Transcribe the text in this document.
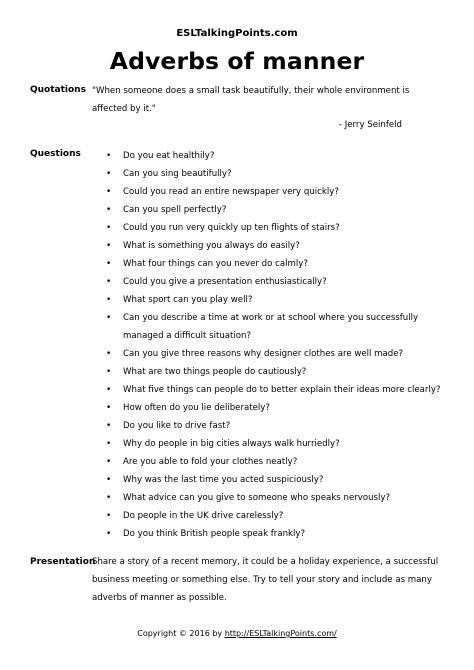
ESLTalkingPoints.com
Adverbs of manner
Quotations "When someone does a small task beautifully, their whole environment is affected by it."
- Jerry Seinfeld
Questions	• Do you eat healthily?
• Can you sing beautifully?
• Could you read an entire newspaper very quickly?
• Can you spell perfectly?
• Could you run very quickly up ten flights of stairs?
• What is something you always do easily?
• What four things can you never do calmly?
• Could you give a presentation enthusiastically?
• What sport can you play well?
• Can you describe a time at work or at school where you successfully managed a difficult situation?
• Can you give three reasons why designer clothes are well made?
• What are two things people do cautiously?
• What five things can people do to better explain their ideas more clearly?
• How often do you lie deliberately?
• Do you like to drive fast?
• Why do people in big cities always walk hurriedly?
• Are you able to fold your clothes neatly?
• Why was the last time you acted suspiciously?
• What advice can you give to someone who speaks nervously?
• Do people in the UK drive carelessly?
• Do you think British people speak frankly?
Presentation
Share a story of a recent memory, it could be a holiday experience, a successful business meeting or something else. Try to tell your story and include as many adverbs of manner as possible.
Copyright © 2016 by http://ESLTalkingPoints.com/
